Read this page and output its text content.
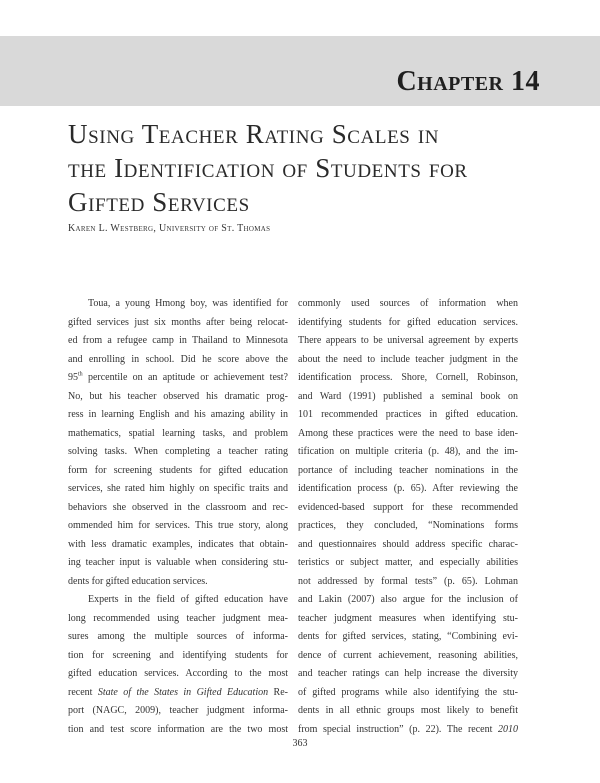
Chapter 14
Using Teacher Rating Scales in
the Identification of Students for
Gifted Services
Karen L. Westberg, University of St. Thomas
Toua, a young Hmong boy, was identified for
gifted services just six months after being relocat-
ed from a refugee camp in Thailand to Minnesota
and enrolling in school. Did he score above the
95th percentile on an aptitude or achievement test?
No, but his teacher observed his dramatic prog-
ress in learning English and his amazing ability in
mathematics, spatial learning tasks, and problem
solving tasks. When completing a teacher rating
form for screening students for gifted education
services, she rated him highly on specific traits and
behaviors she observed in the classroom and rec-
ommended him for services. This true story, along
with less dramatic examples, indicates that obtain-
ing teacher input is valuable when considering stu-
dents for gifted education services.
Experts in the field of gifted education have
long recommended using teacher judgment mea-
sures among the multiple sources of informa-
tion for screening and identifying students for
gifted education services. According to the most
recent State of the States in Gifted Education Re-
port (NAGC, 2009), teacher judgment informa-
tion and test score information are the two most
commonly used sources of information when
identifying students for gifted education services.
There appears to be universal agreement by experts
about the need to include teacher judgment in the
identification process. Shore, Cornell, Robinson,
and Ward (1991) published a seminal book on
101 recommended practices in gifted education.
Among these practices were the need to base iden-
tification on multiple criteria (p. 48), and the im-
portance of including teacher nominations in the
identification process (p. 65). After reviewing the
evidenced-based support for these recommended
practices, they concluded, “Nominations forms
and questionnaires should address specific charac-
teristics or subject matter, and especially abilities
not addressed by formal tests” (p. 65). Lohman
and Lakin (2007) also argue for the inclusion of
teacher judgment measures when identifying stu-
dents for gifted services, stating, “Combining evi-
dence of current achievement, reasoning abilities,
and teacher ratings can help increase the diversity
of gifted programs while also identifying the stu-
dents in all ethnic groups most likely to benefit
from special instruction” (p. 22). The recent 2010
363
